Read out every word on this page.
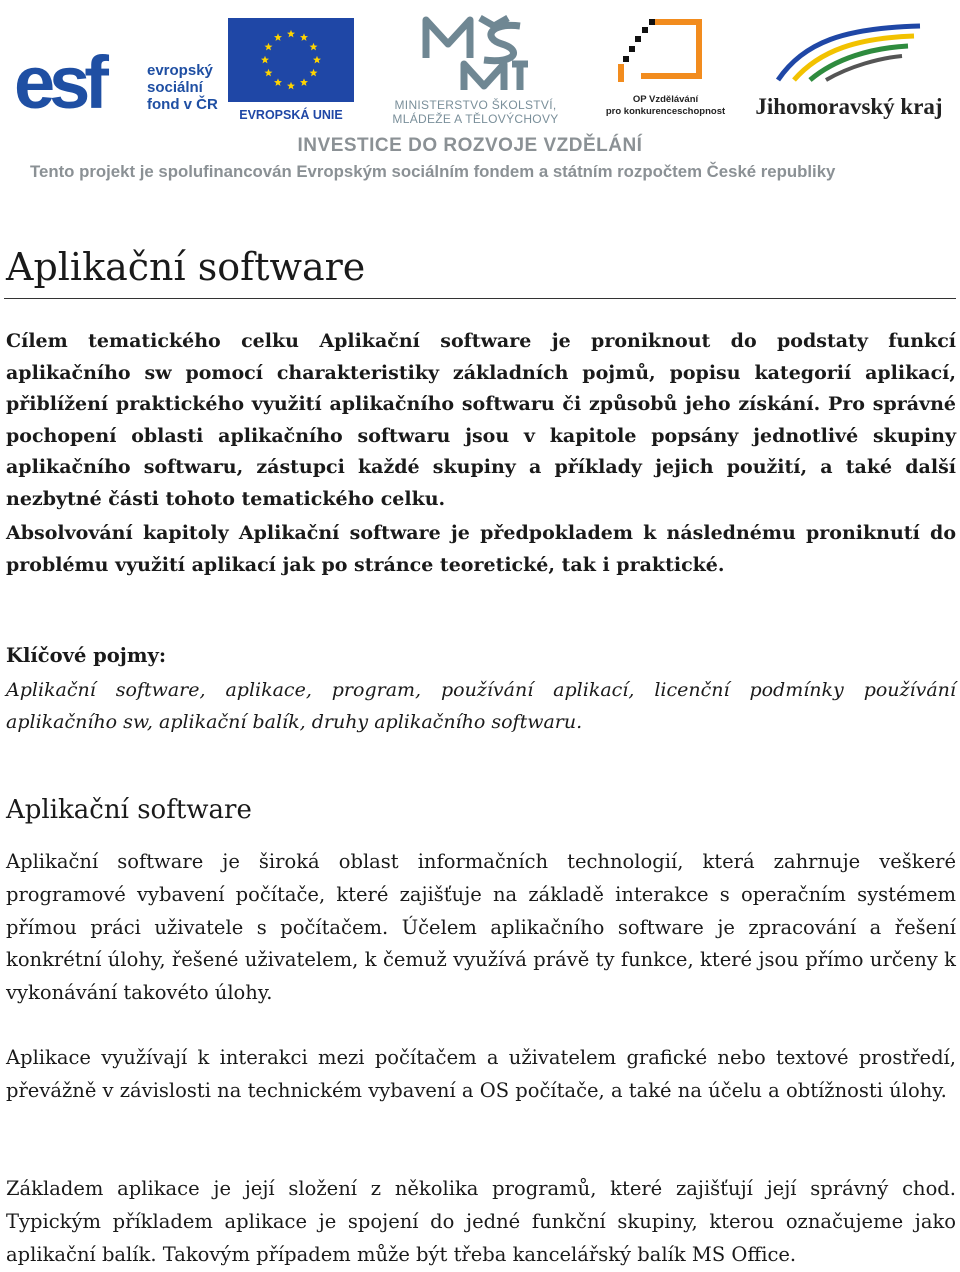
esf	evropský
sociální
fond v ČR
EVROPSKÁ UNIE
MINISTERSTVO ŠKOLSTVÍ,
MLÁDEŽE A TĚLOVÝCHOVY
OP Vzdělávání
pro konkurenceschopnost	Jihomoravský kraj
INVESTICE DO ROZVOJE VZDĚLÁNÍ
Tento projekt je spolufinancován Evropským sociálním fondem a státním rozpočtem České republiky
Aplikační software

Cílem tematického celku Aplikační software je proniknout do podstaty funkcí aplikačního sw pomocí charakteristiky základních pojmů, popisu kategorií aplikací, přiblížení praktického využití aplikačního softwaru či způsobů jeho získání. Pro správné pochopení oblasti aplikačního softwaru jsou v kapitole popsány jednotlivé skupiny aplikačního softwaru, zástupci každé skupiny a příklady jejich použití, a také další nezbytné části tohoto tematického celku.

Absolvování kapitoly Aplikační software je předpokladem k následnému proniknutí do problému využití aplikací jak po stránce teoretické, tak i praktické.

Klíčové pojmy:

Aplikační software, aplikace, program, používání aplikací, licenční podmínky používání aplikačního sw, aplikační balík, druhy aplikačního softwaru.

Aplikační software

Aplikační software je široká oblast informačních technologií, která zahrnuje veškeré programové vybavení počítače, které zajišťuje na základě interakce s operačním systémem přímou práci uživatele s počítačem. Účelem aplikačního software je zpracování a řešení konkrétní úlohy, řešené uživatelem, k čemuž využívá právě ty funkce, které jsou přímo určeny k vykonávání takovéto úlohy.

Aplikace využívají k interakci mezi počítačem a uživatelem grafické nebo textové prostředí, převážně v závislosti na technickém vybavení a OS počítače, a také na účelu a obtížnosti úlohy.

Základem aplikace je její složení z několika programů, které zajišťují její správný chod. Typickým příkladem aplikace je spojení do jedné funkční skupiny, kterou označujeme jako aplikační balík. Takovým případem může být třeba kancelářský balík MS Office.
